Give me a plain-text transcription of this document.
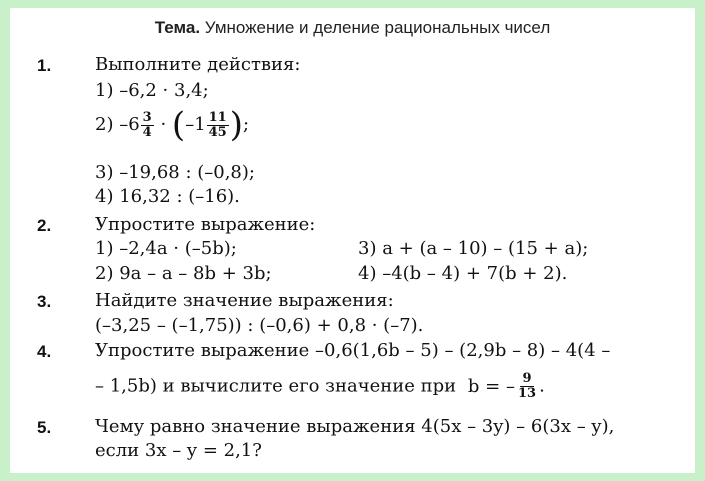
Тема. Умножение и деление рациональных чисел
1.	Выполните действия:
1) –6,2 · 3,4;
2) $-6 \frac{3}{4} \cdot (-1 \frac{11}{45}$ );
3) –19,68 : (–0,8);
4) 16,32 : (–16).
2.	Упростите выражение:
1) –2,4a · (–5b);	3) a + (a – 10) – (15 + a);
2) 9a – a – 8b + 3b;	4) –4(b – 4) + 7(b + 2).
3.	Найдите значение выражения:
(–3,25 – (–1,75)) : (–0,6) + 0,8 · (–7).
4.	Упростите выражение –0,6(1,6b – 5) – (2,9b – 8) – 4(4 –
– 1,5b) и вычислите его значение при b = – $\frac{9}{13}$ .
5.	Чему равно значение выражения 4(5x – 3y) – 6(3x – y),
если 3x – y = 2,1?
